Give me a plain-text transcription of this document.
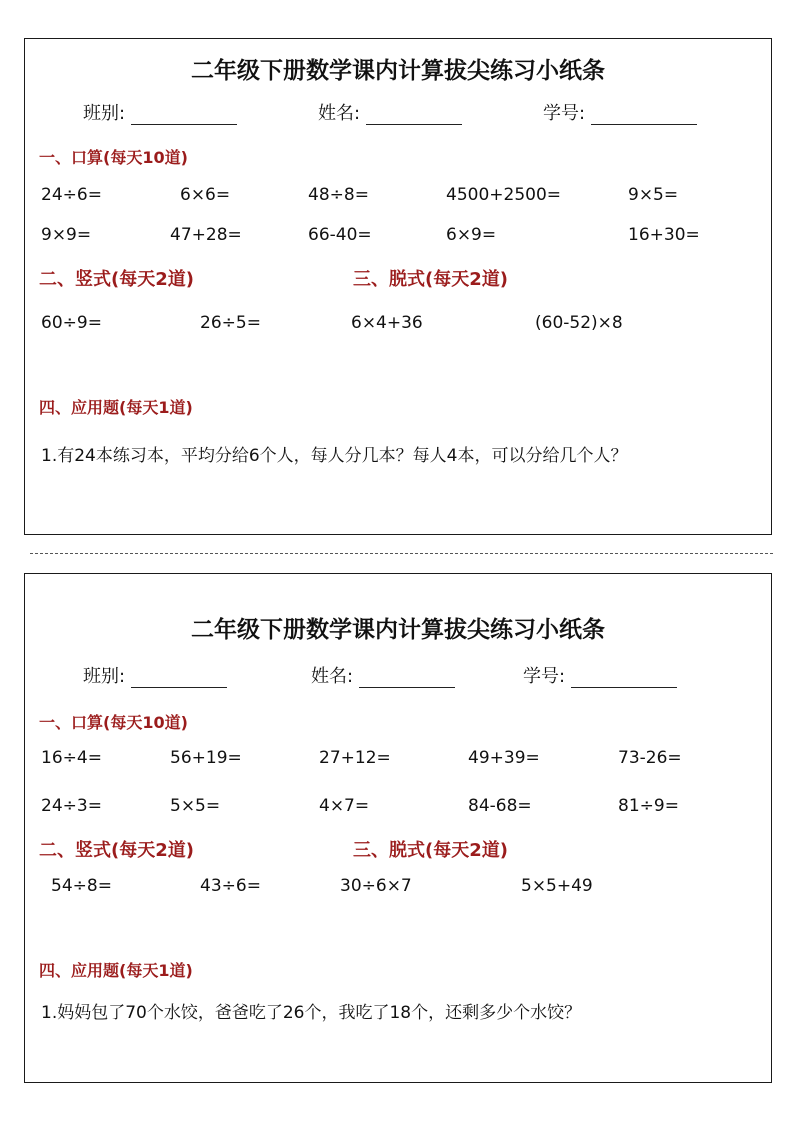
二年级下册数学课内计算拔尖练习小纸条
班别:	姓名:	学号:
一、口算(每天10道)
24÷6=	6×6=	48÷8=	4500+2500=	9×5=
9×9=	47+28=	66-40=	6×9=	16+30=
二、竖式(每天2道)	三、脱式(每天2道)
60÷9=	26÷5=	6×4+36	(60-52)×8
四、应用题(每天1道)
1.有24本练习本，平均分给6个人，每人分几本？每人4本，可以分给几个人？
二年级下册数学课内计算拔尖练习小纸条
班别:	姓名:	学号:
一、口算(每天10道)
16÷4=	56+19=	27+12=	49+39=	73-26=
24÷3=	5×5=	4×7=	84-68=	81÷9=
二、竖式(每天2道)	三、脱式(每天2道)
54÷8=	43÷6=	30÷6×7	5×5+49
四、应用题(每天1道)
1.妈妈包了70个水饺，爸爸吃了26个，我吃了18个，还剩多少个水饺？
